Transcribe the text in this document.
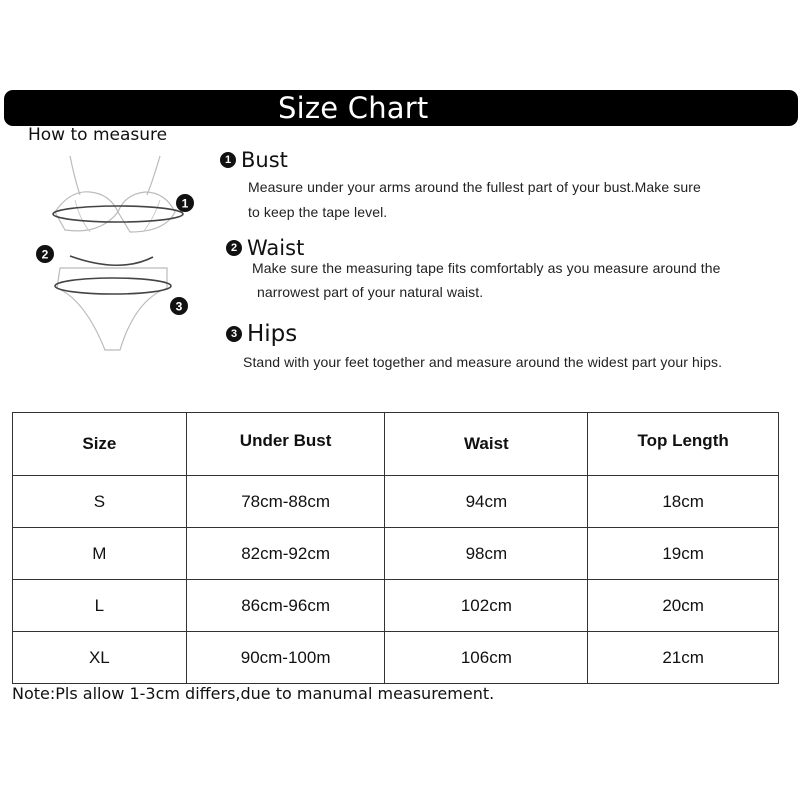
Size Chart
How to measure
1
2
3
1 Bust
Measure under your arms around the fullest part of your bust.Make sure
to keep the tape level.
2 Waist
Make sure the measuring tape fits comfortably as you measure around the
narrowest part of your natural waist.
3 Hips
Stand with your feet together and measure around the widest part your hips.
Size	Under Bust	Waist	Top Length
S	78cm-88cm	94cm	18cm
M	82cm-92cm	98cm	19cm
L	86cm-96cm	102cm	20cm
XL	90cm-100m	106cm	21cm
Note:Pls allow 1-3cm differs,due to manumal measurement.
